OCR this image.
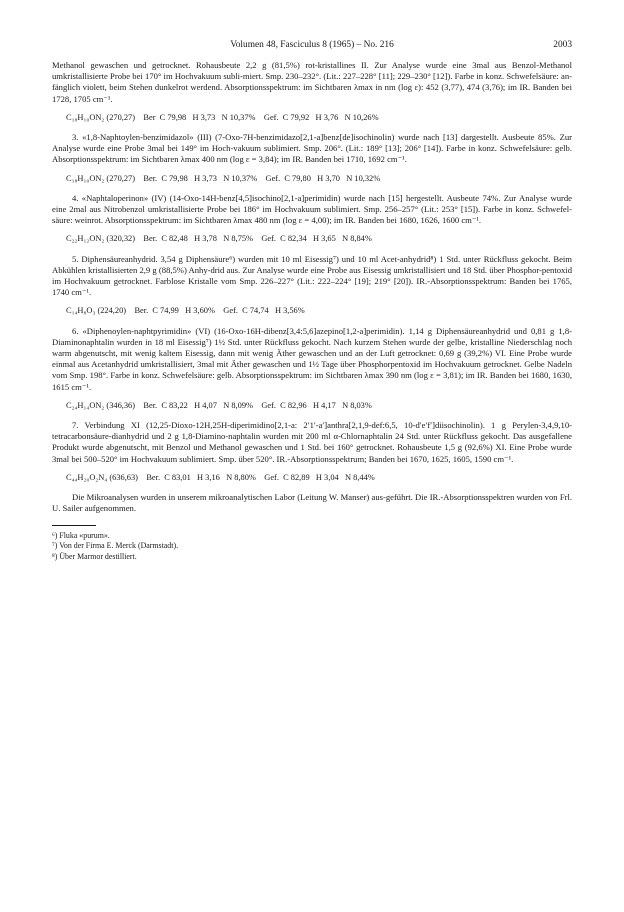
Volumen 48, Fasciculus 8 (1965) – No. 216	2003

Methanol gewaschen und getrocknet. Rohausbeute 2,2 g (81,5%) rot-kristallines II. Zur Analyse wurde eine 3mal aus Benzol-Methanol umkristallisierte Probe bei 170° im Hochvakuum subli-miert. Smp. 230–232°. (Lit.: 227–228° [11]; 229–230° [12]). Farbe in konz. Schwefelsäure: an-fänglich violett, beim Stehen dunkelrot werdend. Absorptionsspektrum: im Sichtbaren λmax in nm (log ε): 452 (3,77), 474 (3,76); im IR. Banden bei 1728, 1705 cm⁻¹.

C₁₈H₁₀ON₂ (270,27)    Ber  C 79,98   H 3,73   N 10,37%    Gef.  C 79,92   H 3,76   N 10,26%

3. «1,8-Naphtoylen-benzimidazol» (III) (7-Oxo-7H-benzimidazo[2,1-a]benz[de]isochinolin) wurde nach [13] dargestellt. Ausbeute 85%. Zur Analyse wurde eine Probe 3mal bei 149° im Hoch-vakuum sublimiert. Smp. 206°. (Lit.: 189° [13]; 206° [14]). Farbe in konz. Schwefelsäure: gelb. Absorptionsspektrum: im Sichtbaren λmax 400 nm (log ε = 3,84); im IR. Banden bei 1710, 1692 cm⁻¹.

C₁₈H₁₀ON₂ (270,27)    Ber.  C 79,98   H 3,73   N 10,37%    Gef.  C 79,80   H 3,70   N 10,32%

4. «Naphtaloperinon» (IV) (14-Oxo-14H-benz[4,5]isochino[2,1-a]perimidin) wurde nach [15] hergestellt. Ausbeute 74%. Zur Analyse wurde eine 2mal aus Nitrobenzol umkristallisierte Probe bei 186° im Hochvakuum sublimiert. Smp. 256–257° (Lit.: 253° [15]). Farbe in konz. Schwefel-säure: weinrot. Absorptionsspektrum: im Sichtbaren λmax 480 nm (log ε = 4,00); im IR. Banden bei 1680, 1626, 1600 cm⁻¹.

C₂₂H₁₂ON₂ (320,32)    Ber.  C 82,48   H 3,78   N 8,75%    Gef.  C 82,34   H 3,65   N 8,84%

5. Diphensäureanhydrid. 3,54 g Diphensäure⁶) wurden mit 10 ml Eisessig⁷) und 10 ml Acet-anhydrid⁸) 1 Std. unter Rückfluss gekocht. Beim Abkühlen kristallisierten 2,9 g (88,5%) Anhy-drid aus. Zur Analyse wurde eine Probe aus Eisessig umkristallisiert und 18 Std. über Phosphor-pentoxid im Hochvakuum getrocknet. Farblose Kristalle vom Smp. 226–227° (Lit.: 222–224° [19]; 219° [20]). IR.-Absorptionsspektrum: Banden bei 1765, 1740 cm⁻¹.

C₁₄H₈O₃ (224,20)    Ber.  C 74,99   H 3,60%    Gef.  C 74,74   H 3,56%

6. «Diphenoylen-naphtpyrimidin» (VI) (16-Oxo-16H-dibenz[3,4:5,6]azepino[1,2-a]perimidin). 1,14 g Diphensäureanhydrid und 0,81 g 1,8-Diaminonaphtalin wurden in 18 ml Eisessig⁷) 1½ Std. unter Rückfluss gekocht. Nach kurzem Stehen wurde der gelbe, kristalline Niederschlag noch warm abgenutscht, mit wenig kaltem Eisessig, dann mit wenig Äther gewaschen und an der Luft getrocknet: 0,69 g (39,2%) VI. Eine Probe wurde einmal aus Acetanhydrid umkristallisiert, 3mal mit Äther gewaschen und 1½ Tage über Phosphorpentoxid im Hochvakuum getrocknet. Gelbe Nadeln vom Smp. 198°. Farbe in konz. Schwefelsäure: gelb. Absorptionsspektrum: im Sichtbaren λmax 390 nm (log ε = 3,81); im IR. Banden bei 1680, 1630, 1615 cm⁻¹.

C₂₄H₁₄ON₂ (346,36)    Ber.  C 83,22   H 4,07   N 8,09%    Gef.  C 82,96   H 4,17   N 8,03%

7. Verbindung XI (12,25-Dioxo-12H,25H-diperimidino[2,1-a: 2′1′-a′]anthra[2,1,9-def:6,5, 10-d′e′f′]diisochinolin). 1 g Perylen-3,4,9,10-tetracarbonsäure-dianhydrid und 2 g 1,8-Diamino-naphtalin wurden mit 200 ml α-Chlornaphtalin 24 Std. unter Rückfluss gekocht. Das ausgefallene Produkt wurde abgenutscht, mit Benzol und Methanol gewaschen und 1 Std. bei 160° getrocknet. Rohausbeute 1,5 g (92,6%) XI. Eine Probe wurde 3mal bei 500–520° im Hochvakuum sublimiert. Smp. über 520°. IR.-Absorptionsspektrum; Banden bei 1670, 1625, 1605, 1590 cm⁻¹.

C₄₄H₂₀O₂N₄ (636,63)    Ber.  C 83,01   H 3,16   N 8,80%    Gef.  C 82,89   H 3,04   N 8,44%

Die Mikroanalysen wurden in unserem mikroanalytischen Labor (Leitung W. Manser) aus-geführt. Die IR.-Absorptionsspektren wurden von Frl. U. Sailer aufgenommen.

⁶) Fluka «purum».

⁷) Von der Firma E. Merck (Darmstadt).

⁸) Über Marmor destilliert.
